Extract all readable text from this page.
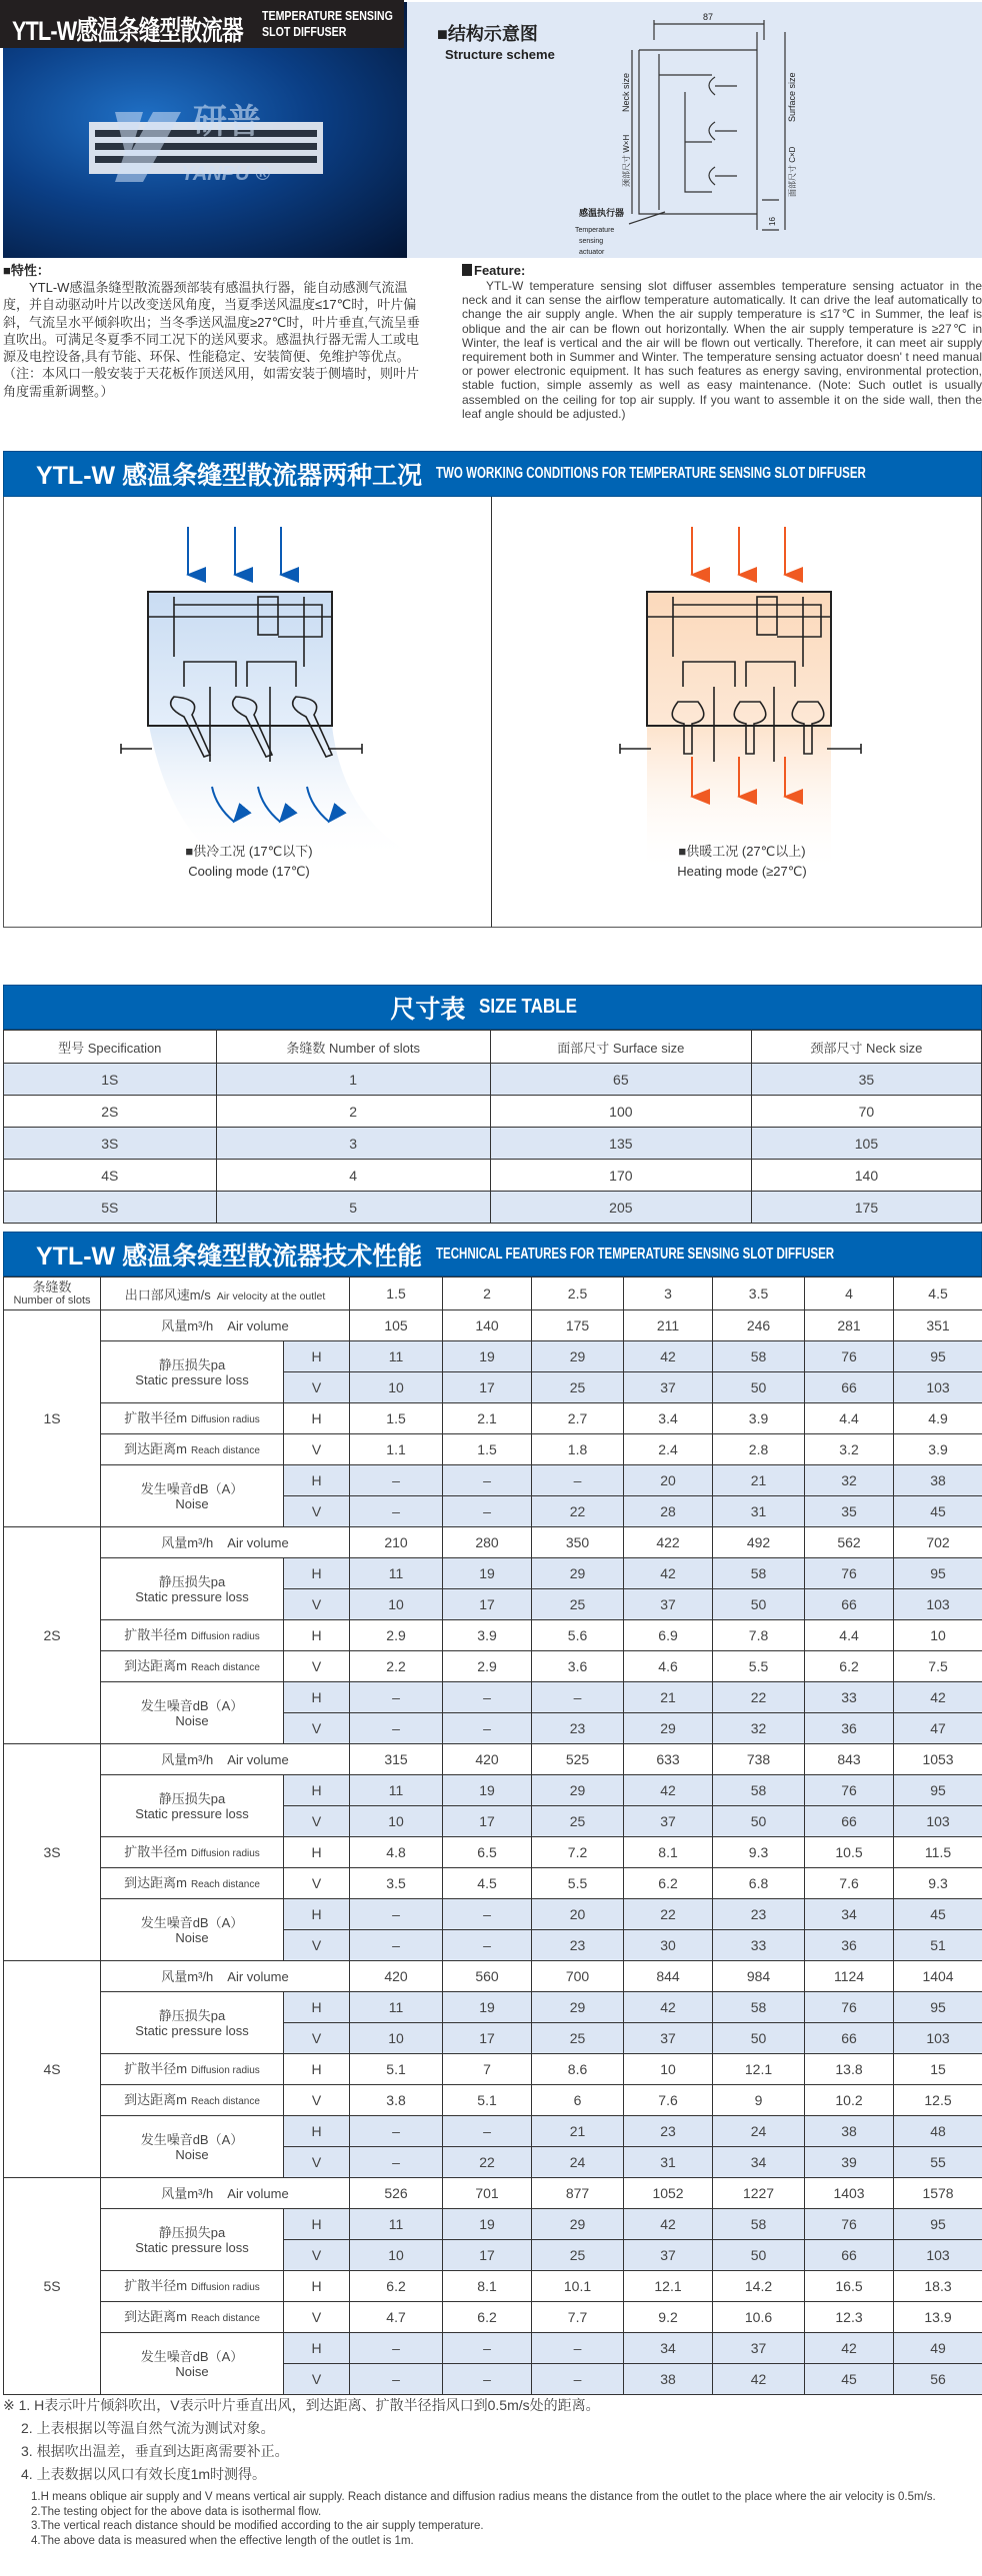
研普
YANPU ®
YTL-W感温条缝型散流器 TEMPERATURE SENSING
SLOT DIFFUSER	■结构示意图
Structure scheme
87
Neck size
颈部尺寸 W×H
Surface size
面部尺寸 C×D
16
感温执行器
Temperature
sensing
actuator
■特性：

YTL-W感温条缝型散流器颈部装有感温执行器，能自动感测气流温度，并自动驱动叶片以改变送风角度，当夏季送风温度≤17℃时，叶片偏斜，气流呈水平倾斜吹出；当冬季送风温度≥27℃时，叶片垂直,气流呈垂直吹出。可满足冬夏季不同工况下的送风要求。感温执行器无需人工或电源及电控设备,具有节能、环保、性能稳定、安装简便、免维护等优点。（注：本风口一般安装于天花板作顶送风用，如需安装于侧墙时，则叶片角度需重新调整。）

Feature:

YTL-W temperature sensing slot diffuser assembles temperature sensing actuator in the neck and it can sense the airflow temperature automatically. It can drive the leaf automatically to change the air supply angle. When the air supply temperature is ≤17℃ in Summer, the leaf is oblique and the air can be flown out horizontally. When the air supply temperature is ≥27℃ in Winter, the leaf is vertical and the air will be flown out vertically. Therefore, it can meet air supply requirement both in Summer and Winter. The temperature sensing actuator doesn' t need manual or power electronic equipment. It has such features as energy saving, environmental protection, stable fuction, simple assemly as well as easy maintenance. (Note: Such outlet is usually assembled on the ceiling for top air supply. If you want to assemble it on the side wall, then the leaf angle should be adjusted.)

YTL-W 感温条缝型散流器两种工况 TWO WORKING CONDITIONS FOR TEMPERATURE SENSING SLOT DIFFUSER
■供冷工况 (17℃以下)
Cooling mode (17℃)
■供暖工况 (27℃以上)
Heating mode (≥27℃)
尺寸表 SIZE TABLE
型号 Specification	条缝数 Number of slots	面部尺寸 Surface size	颈部尺寸 Neck size
1S	1	65	35
2S	2	100	70
3S	3	135	105
4S	4	170	140
5S	5	205	175
YTL-W 感温条缝型散流器技术性能 TECHNICAL FEATURES FOR TEMPERATURE SENSING SLOT DIFFUSER
条缝数
Number of slots	出口部风速m/s Air velocity at the outlet		1.5	2	2.5	3	3.5	4	4.5
1S	风量m³/h Air volume		105	140	175	211	246	281	351

	静压损失pa
Static pressure loss	H	11	19	29	42	58	76	95
		V	10	17	25	37	50	66	103
	扩散半径m Diffusion radius	H	1.5	2.1	2.7	3.4	3.9	4.4	4.9
	到达距离m Reach distance	V	1.1	1.5	1.8	2.4	2.8	3.2	3.9

	发生噪音dB（A）
Noise	H	–	–	–	20	21	32	38
		V	–	–	22	28	31	35	45
2S	风量m³/h Air volume		210	280	350	422	492	562	702

	静压损失pa
Static pressure loss	H	11	19	29	42	58	76	95
		V	10	17	25	37	50	66	103
	扩散半径m Diffusion radius	H	2.9	3.9	5.6	6.9	7.8	4.4	10
	到达距离m Reach distance	V	2.2	2.9	3.6	4.6	5.5	6.2	7.5

	发生噪音dB（A）
Noise	H	–	–	–	21	22	33	42
		V	–	–	23	29	32	36	47
3S	风量m³/h Air volume		315	420	525	633	738	843	1053

	静压损失pa
Static pressure loss	H	11	19	29	42	58	76	95
		V	10	17	25	37	50	66	103
	扩散半径m Diffusion radius	H	4.8	6.5	7.2	8.1	9.3	10.5	11.5
	到达距离m Reach distance	V	3.5	4.5	5.5	6.2	6.8	7.6	9.3

	发生噪音dB（A）
Noise	H	–	–	20	22	23	34	45
		V	–	–	23	30	33	36	51
4S	风量m³/h Air volume		420	560	700	844	984	1124	1404

	静压损失pa
Static pressure loss	H	11	19	29	42	58	76	95
		V	10	17	25	37	50	66	103
	扩散半径m Diffusion radius	H	5.1	7	8.6	10	12.1	13.8	15
	到达距离m Reach distance	V	3.8	5.1	6	7.6	9	10.2	12.5

	发生噪音dB（A）
Noise	H	–	–	21	23	24	38	48
		V	–	22	24	31	34	39	55
5S	风量m³/h Air volume		526	701	877	1052	1227	1403	1578

	静压损失pa
Static pressure loss	H	11	19	29	42	58	76	95
		V	10	17	25	37	50	66	103
	扩散半径m Diffusion radius	H	6.2	8.1	10.1	12.1	14.2	16.5	18.3
	到达距离m Reach distance	V	4.7	6.2	7.7	9.2	10.6	12.3	13.9

	发生噪音dB（A）
Noise	H	–	–	–	34	37	42	49
		V	–	–	–	38	42	45	56
※ 1. H表示叶片倾斜吹出，V表示叶片垂直出风，到达距离、扩散半径指风口到0.5m/s处的距离。
2. 上表根据以等温自然气流为测试对象。
3. 根据吹出温差，垂直到达距离需要补正。
4. 上表数据以风口有效长度1m时测得。
1.H means oblique air supply and V means vertical air supply. Reach distance and diffusion radius means the distance from the outlet to the place where the air velocity is 0.5m/s.
2.The testing object for the above data is isothermal flow.
3.The vertical reach distance should be modified according to the air supply temperature.
4.The above data is measured when the effective length of the outlet is 1m.
